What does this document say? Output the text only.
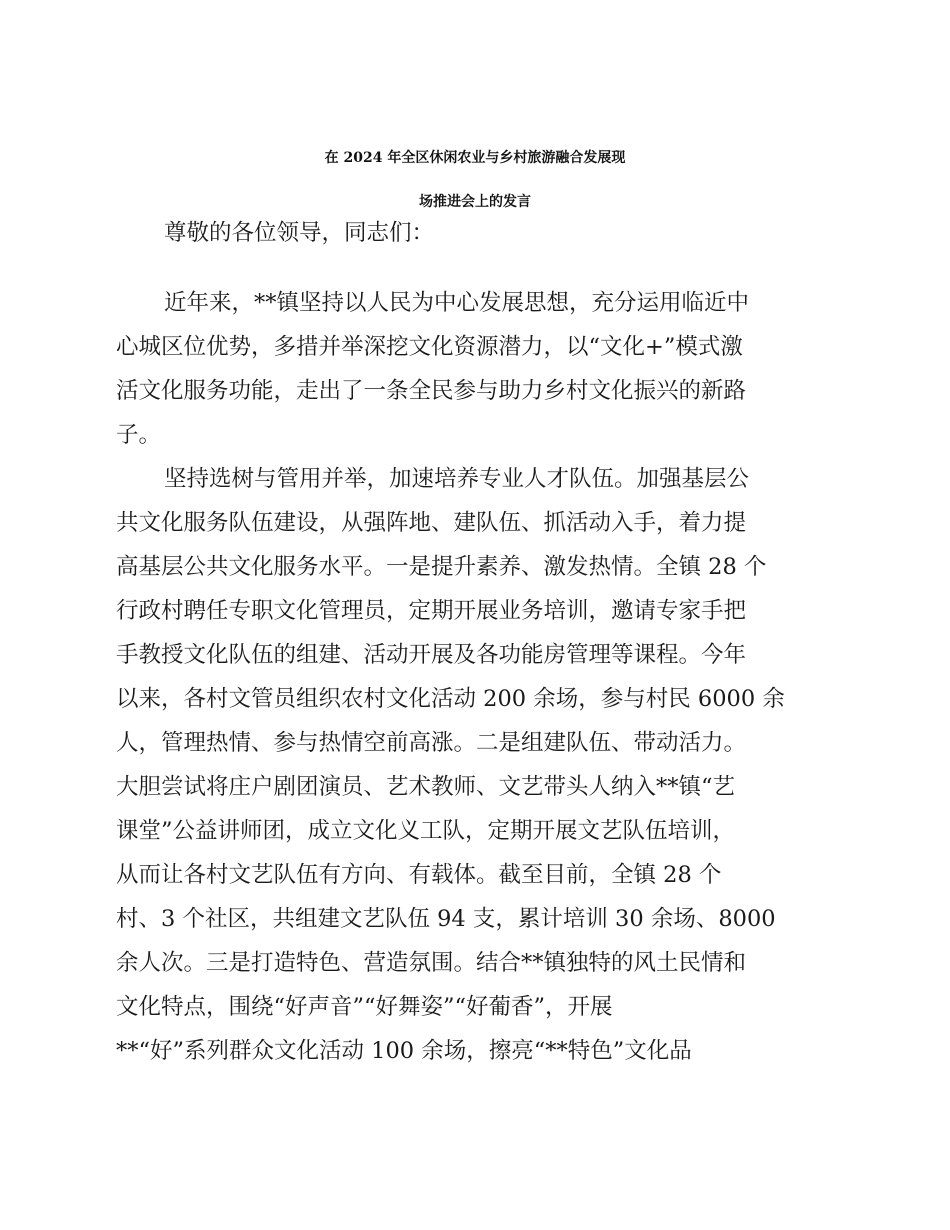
在 2024 年全区休闲农业与乡村旅游融合发展现
场推进会上的发言
尊敬的各位领导，同志们：
近年来，**镇坚持以人民为中心发展思想，充分运用临近中
心城区位优势，多措并举深挖文化资源潜力，以“文化+”模式激
活文化服务功能，走出了一条全民参与助力乡村文化振兴的新路
子。
坚持选树与管用并举，加速培养专业人才队伍。加强基层公
共文化服务队伍建设，从强阵地、建队伍、抓活动入手，着力提
高基层公共文化服务水平。一是提升素养、激发热情。全镇 28 个
行政村聘任专职文化管理员，定期开展业务培训，邀请专家手把
手教授文化队伍的组建、活动开展及各功能房管理等课程。今年
以来，各村文管员组织农村文化活动 200 余场，参与村民 6000 余
人，管理热情、参与热情空前高涨。二是组建队伍、带动活力。
大胆尝试将庄户剧团演员、艺术教师、文艺带头人纳入**镇“艺
课堂”公益讲师团，成立文化义工队，定期开展文艺队伍培训，
从而让各村文艺队伍有方向、有载体。截至目前，全镇 28 个
村、3 个社区，共组建文艺队伍 94 支，累计培训 30 余场、8000
余人次。三是打造特色、营造氛围。结合**镇独特的风土民情和
文化特点，围绕“好声音”“好舞姿”“好葡香”，开展
**“好”系列群众文化活动 100 余场，擦亮“**特色”文化品
